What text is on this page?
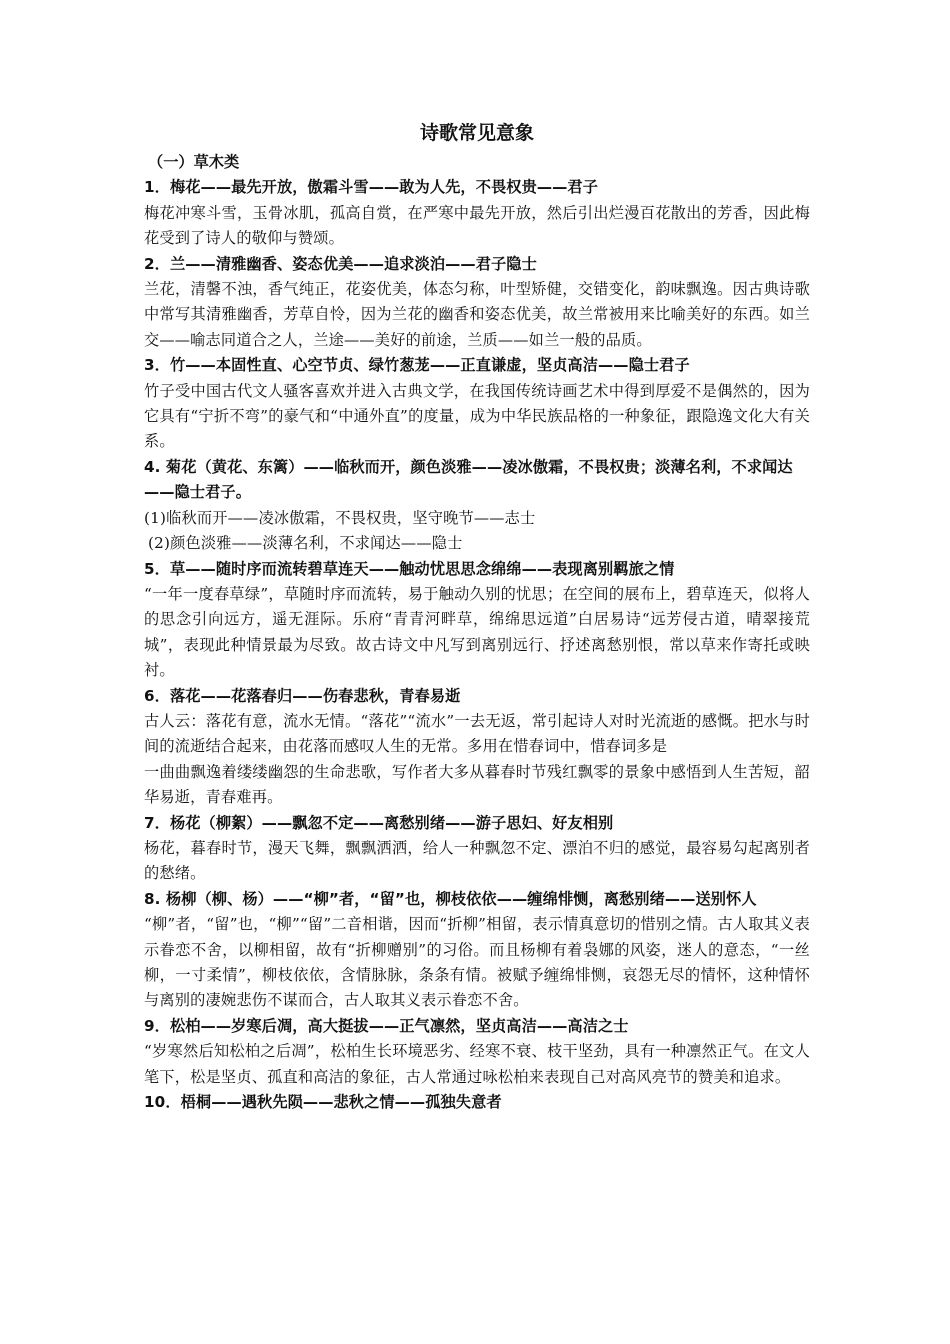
诗歌常见意象
（一）草木类
1．梅花——最先开放，傲霜斗雪——敢为人先，不畏权贵——君子
梅花冲寒斗雪，玉骨冰肌，孤高自赏，在严寒中最先开放，然后引出烂漫百花散出的芳香，因此梅花受到了诗人的敬仰与赞颂。
2．兰——清雅幽香、姿态优美——追求淡泊——君子隐士
兰花，清馨不浊，香气纯正，花姿优美，体态匀称，叶型矫健，交错变化，韵味飘逸。因古典诗歌中常写其清雅幽香，芳草自怜，因为兰花的幽香和姿态优美，故兰常被用来比喻美好的东西。如兰交——喻志同道合之人，兰途——美好的前途，兰质——如兰一般的品质。
3．竹——本固性直、心空节贞、绿竹葱茏——正直谦虚，坚贞高洁——隐士君子
竹子受中国古代文人骚客喜欢并进入古典文学，在我国传统诗画艺术中得到厚爱不是偶然的，因为它具有“宁折不弯”的豪气和“中通外直”的度量，成为中华民族品格的一种象征，跟隐逸文化大有关系。
4. 菊花（黄花、东篱）——临秋而开，颜色淡雅——凌冰傲霜，不畏权贵；淡薄名利，不求闻达——隐士君子。
(1)临秋而开——凌冰傲霜，不畏权贵，坚守晚节——志士
(2)颜色淡雅——淡薄名利，不求闻达——隐士
5．草——随时序而流转碧草连天——触动忧思思念绵绵——表现离别羁旅之情
“一年一度春草绿”，草随时序而流转，易于触动久别的忧思；在空间的展布上，碧草连天，似将人的思念引向远方，遥无涯际。乐府“青青河畔草，绵绵思远道”白居易诗“远芳侵古道，晴翠接荒城”，表现此种情景最为尽致。故古诗文中凡写到离别远行、抒述离愁别恨，常以草来作寄托或映衬。
6．落花——花落春归——伤春悲秋，青春易逝
古人云：落花有意，流水无情。“落花”“流水”一去无返，常引起诗人对时光流逝的感慨。把水与时间的流逝结合起来，由花落而感叹人生的无常。多用在惜春词中，惜春词多是
一曲曲飘逸着缕缕幽怨的生命悲歌，写作者大多从暮春时节残红飘零的景象中感悟到人生苦短，韶华易逝，青春难再。
7．杨花（柳絮）——飘忽不定——离愁别绪——游子思妇、好友相别
杨花，暮春时节，漫天飞舞，飘飘洒洒，给人一种飘忽不定、漂泊不归的感觉，最容易勾起离别者的愁绪。
8. 杨柳（柳、杨）——“柳”者，“留”也，柳枝依依——缠绵悱恻，离愁别绪——送别怀人
“柳”者，“留”也，“柳”“留”二音相谐，因而“折柳”相留，表示情真意切的惜别之情。古人取其义表示眷恋不舍，以柳相留，故有“折柳赠别”的习俗。而且杨柳有着袅娜的风姿，迷人的意态，“一丝柳，一寸柔情”，柳枝依依，含情脉脉，条条有情。被赋予缠绵悱恻，哀怨无尽的情怀，这种情怀与离别的凄婉悲伤不谋而合，古人取其义表示眷恋不舍。
9．松柏——岁寒后凋，高大挺拔——正气凛然，坚贞高洁——高洁之士
“岁寒然后知松柏之后凋”，松柏生长环境恶劣、经寒不衰、枝干坚劲，具有一种凛然正气。在文人笔下，松是坚贞、孤直和高洁的象征，古人常通过咏松柏来表现自己对高风亮节的赞美和追求。
10．梧桐——遇秋先陨——悲秋之情——孤独失意者
